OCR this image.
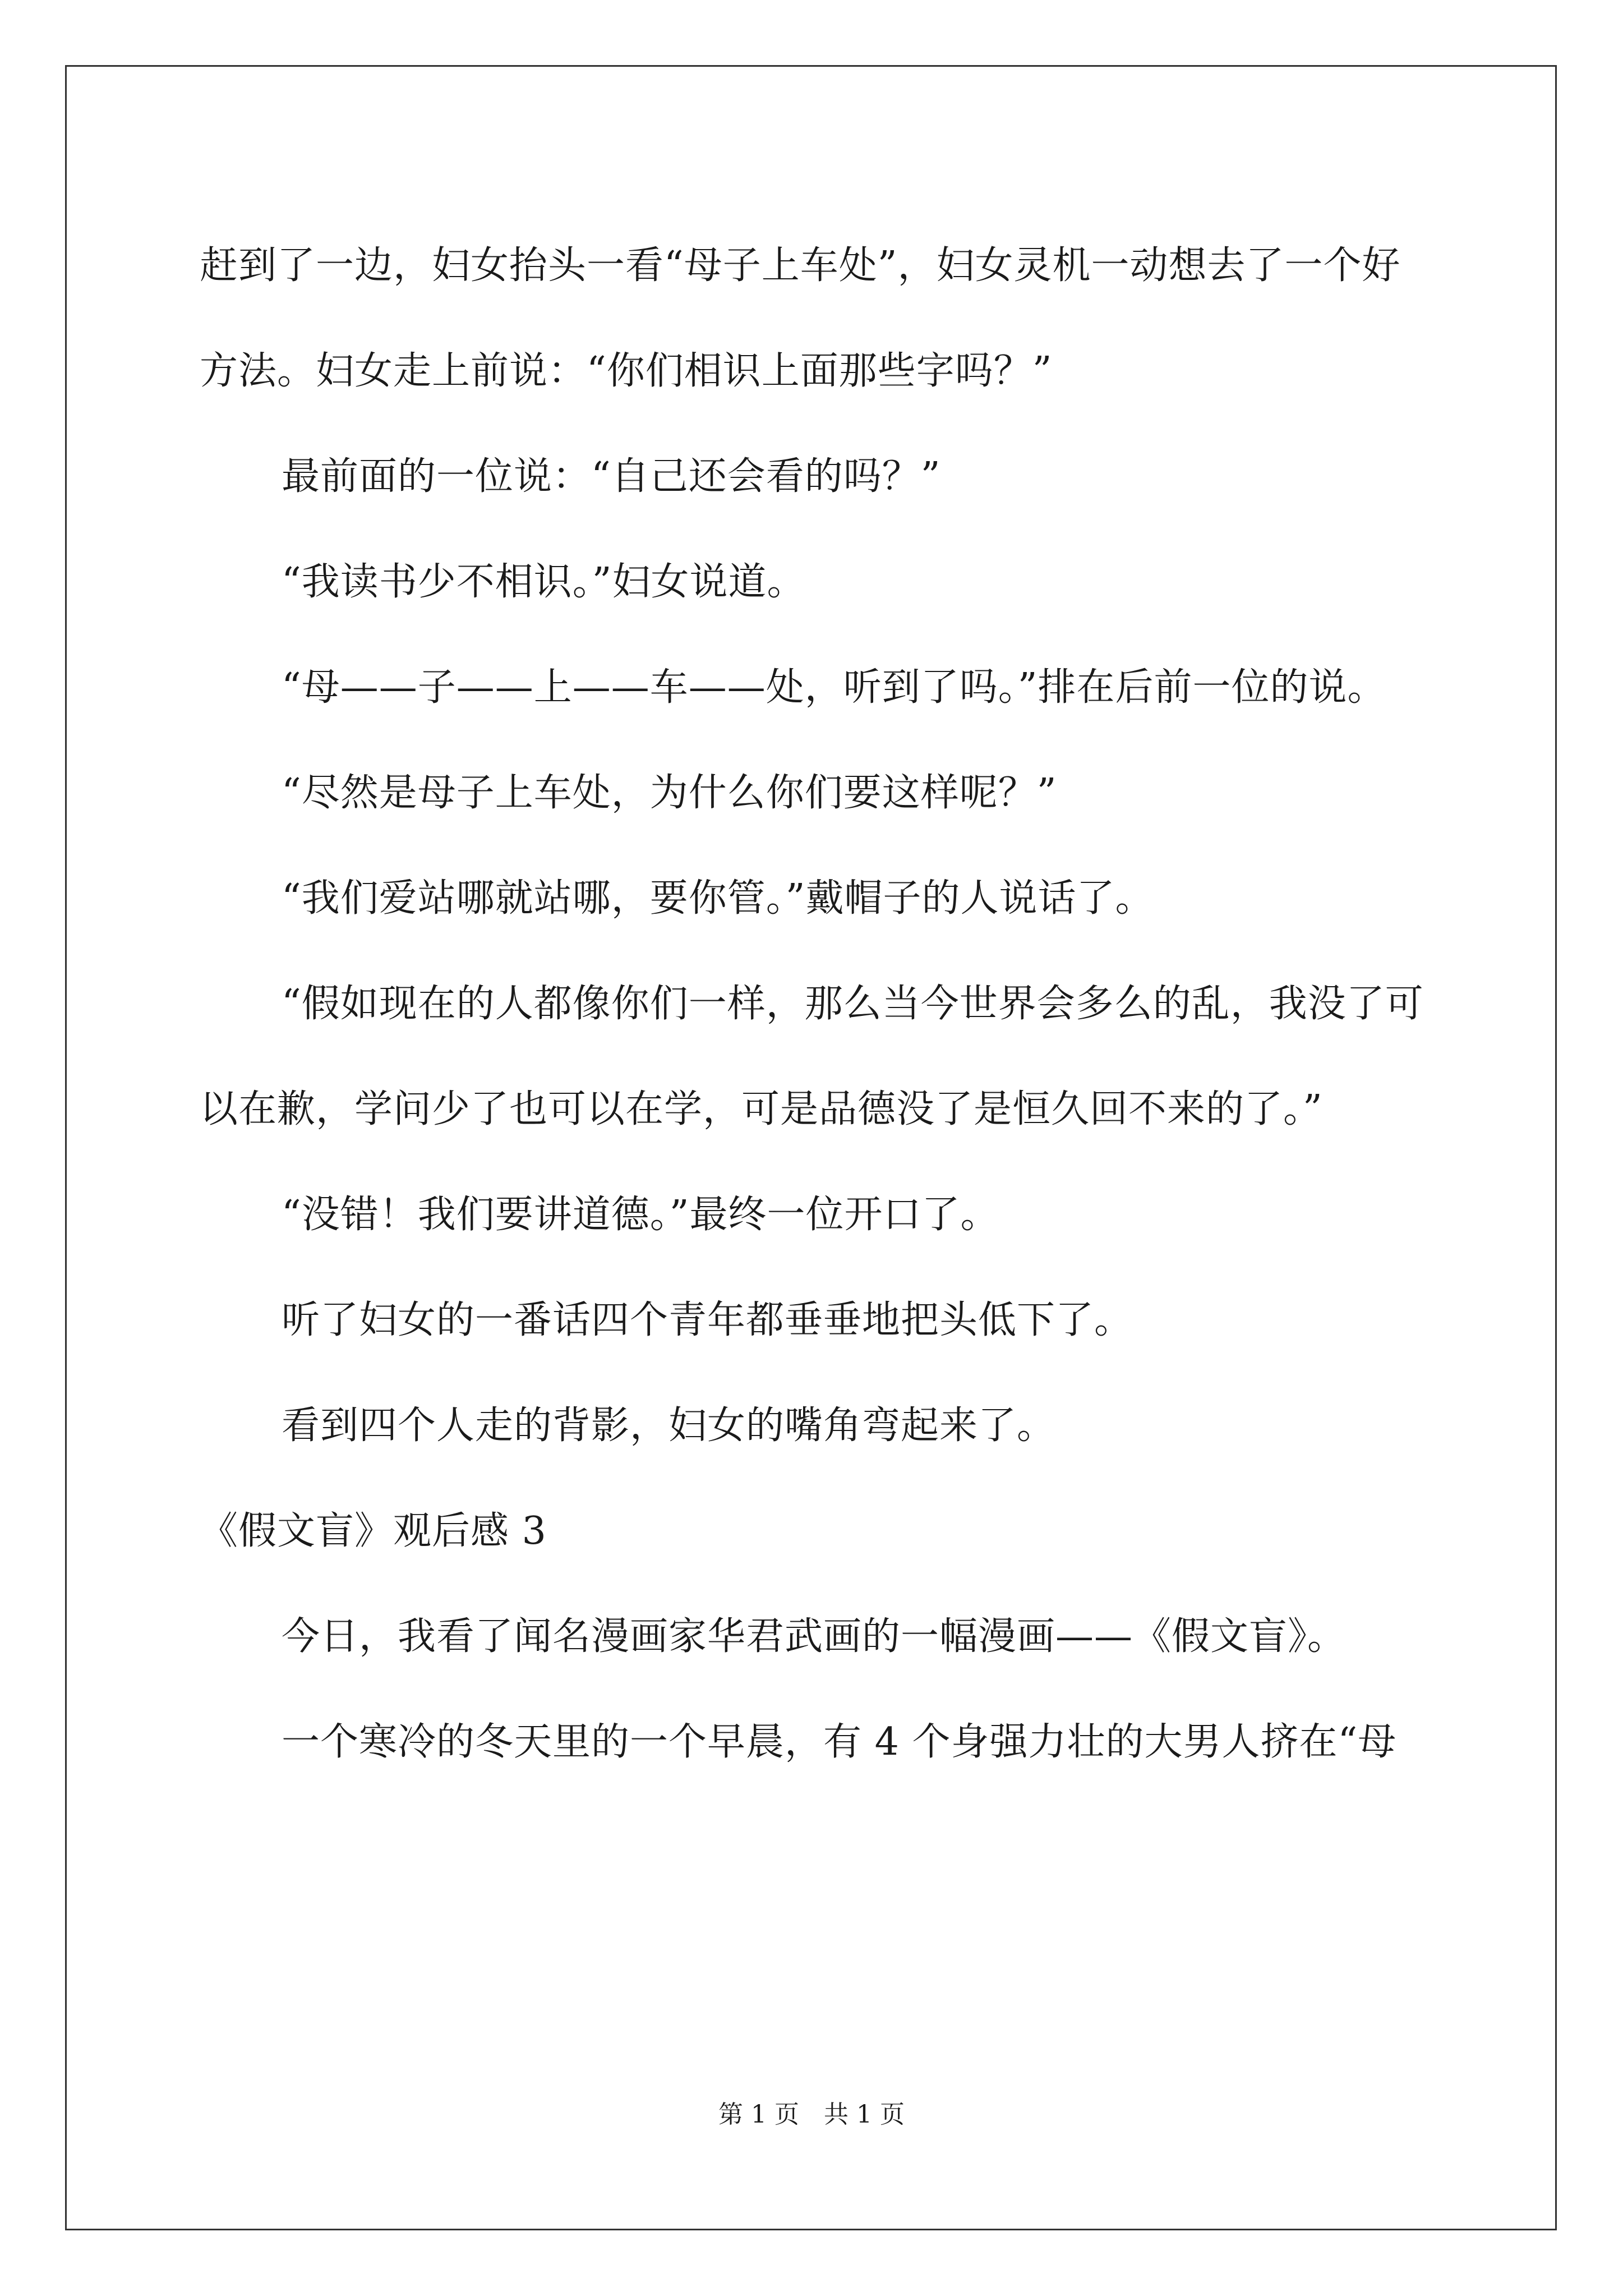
赶到了一边，妇女抬头一看“母子上车处”，妇女灵机一动想去了一个好方法。妇女走上前说：“你们相识上面那些字吗？”

最前面的一位说：“自己还会看的吗？”

“我读书少不相识。”妇女说道。

“母——子——上——车——处，听到了吗。”排在后前一位的说。

“尽然是母子上车处，为什么你们要这样呢？”

“我们爱站哪就站哪，要你管。”戴帽子的人说话了。

“假如现在的人都像你们一样，那么当今世界会多么的乱，我没了可以在歉，学问少了也可以在学，可是品德没了是恒久回不来的了。”

“没错！我们要讲道德。”最终一位开口了。

听了妇女的一番话四个青年都垂垂地把头低下了。

看到四个人走的背影，妇女的嘴角弯起来了。

《假文盲》观后感 3

今日，我看了闻名漫画家华君武画的一幅漫画——《假文盲》。

一个寒冷的冬天里的一个早晨，有 4 个身强力壮的大男人挤在“母

第 1 页　共 1 页
